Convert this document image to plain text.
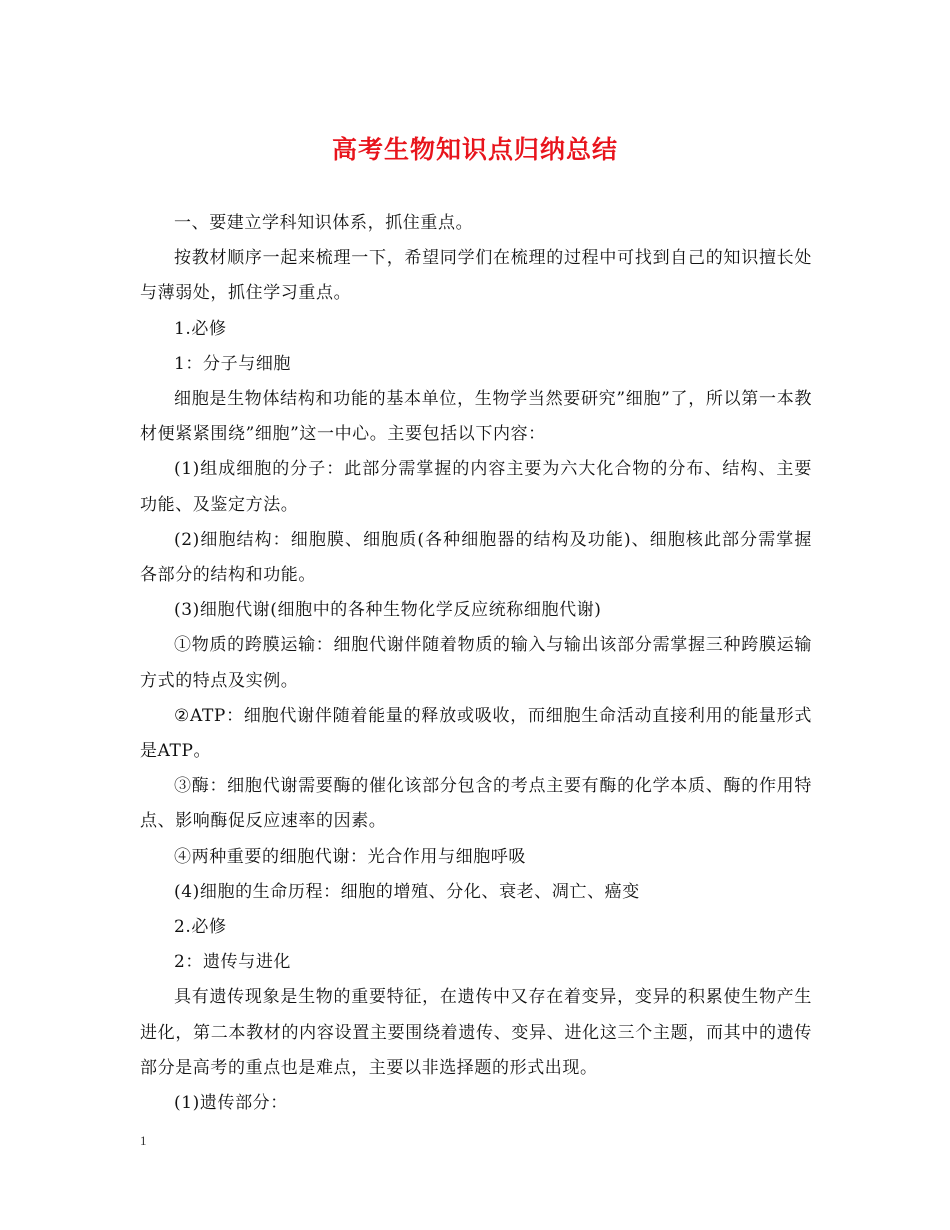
高考生物知识点归纳总结

一、要建立学科知识体系，抓住重点。

按教材顺序一起来梳理一下，希望同学们在梳理的过程中可找到自己的知识擅长处与薄弱处，抓住学习重点。

1.必修

1：分子与细胞

细胞是生物体结构和功能的基本单位，生物学当然要研究”细胞”了，所以第一本教材便紧紧围绕”细胞”这一中心。主要包括以下内容：

(1)组成细胞的分子：此部分需掌握的内容主要为六大化合物的分布、结构、主要功能、及鉴定方法。

(2)细胞结构：细胞膜、细胞质(各种细胞器的结构及功能)、细胞核此部分需掌握各部分的结构和功能。

(3)细胞代谢(细胞中的各种生物化学反应统称细胞代谢)

①物质的跨膜运输：细胞代谢伴随着物质的输入与输出该部分需掌握三种跨膜运输方式的特点及实例。

②ATP：细胞代谢伴随着能量的释放或吸收，而细胞生命活动直接利用的能量形式是ATP。

③酶：细胞代谢需要酶的催化该部分包含的考点主要有酶的化学本质、酶的作用特点、影响酶促反应速率的因素。

④两种重要的细胞代谢：光合作用与细胞呼吸

(4)细胞的生命历程：细胞的增殖、分化、衰老、凋亡、癌变

2.必修

2：遗传与进化

具有遗传现象是生物的重要特征，在遗传中又存在着变异，变异的积累使生物产生进化，第二本教材的内容设置主要围绕着遗传、变异、进化这三个主题，而其中的遗传部分是高考的重点也是难点，主要以非选择题的形式出现。

(1)遗传部分：

1
